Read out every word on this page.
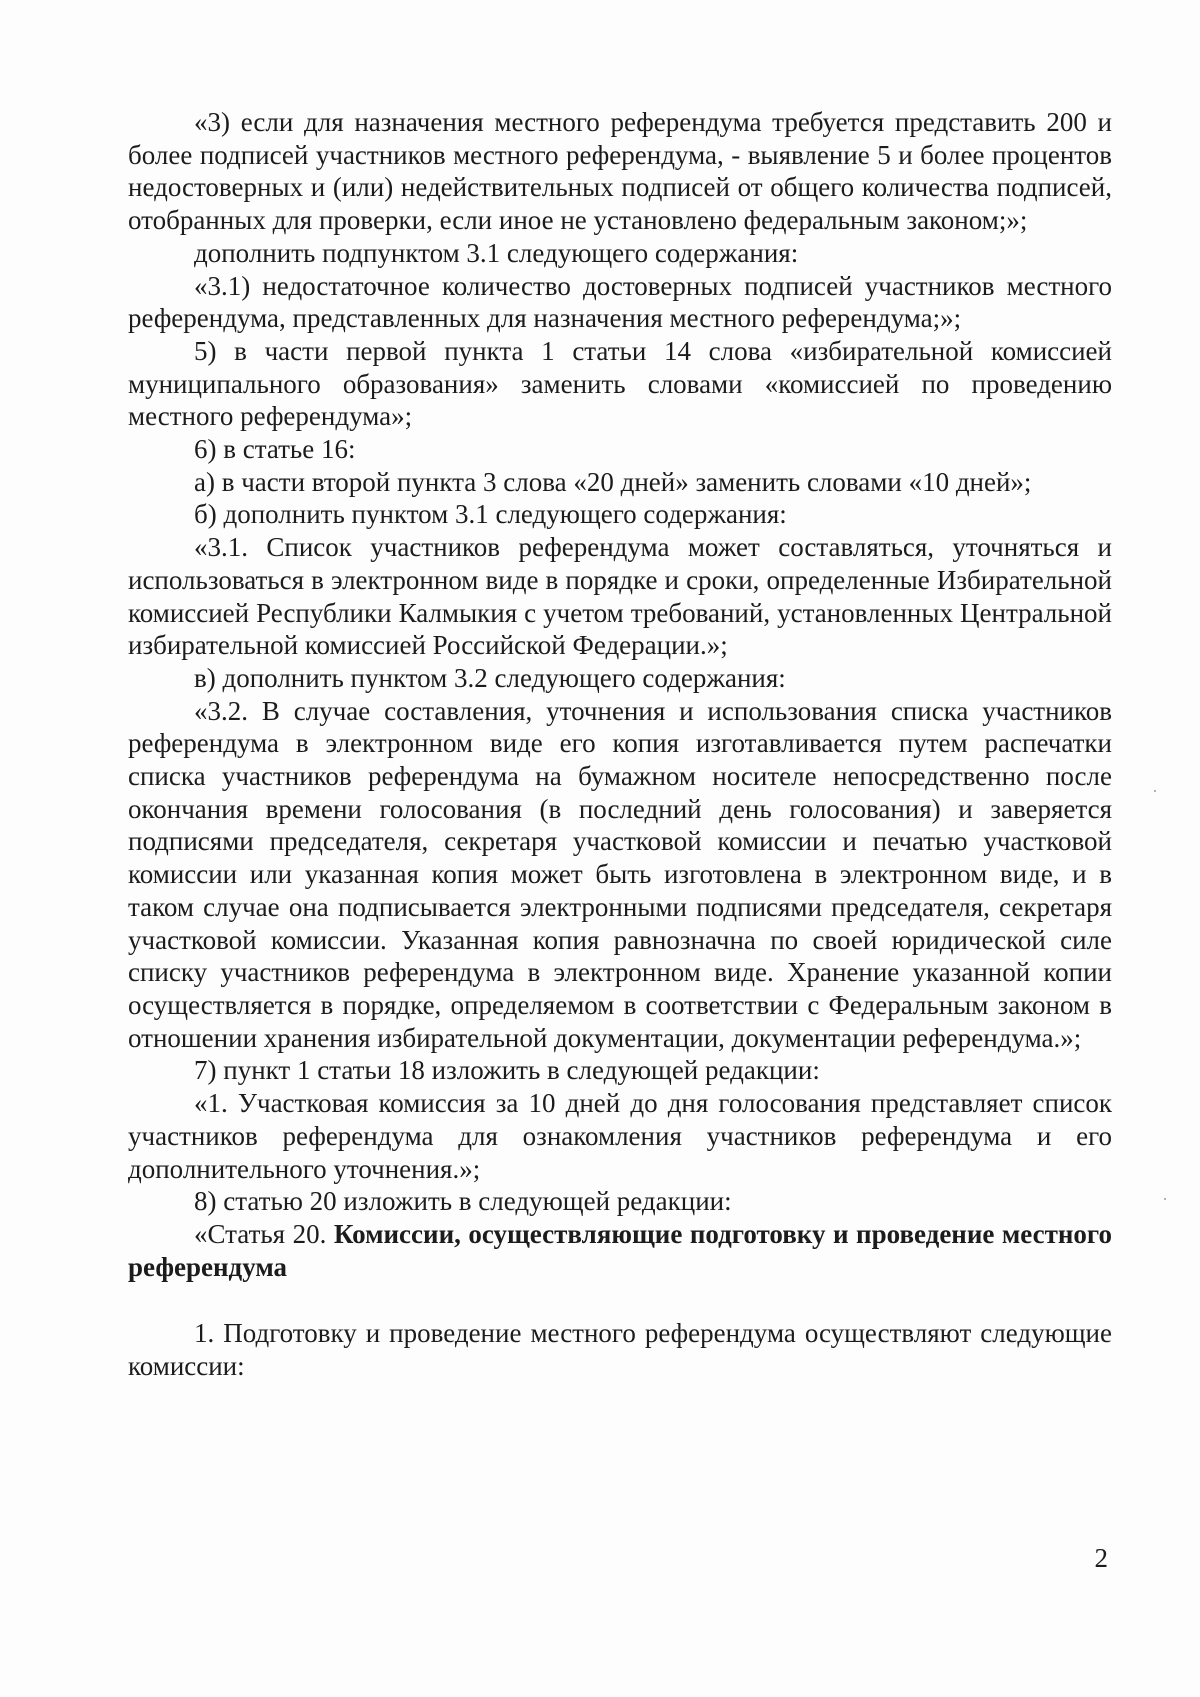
«3) если для назначения местного референдума требуется представить 200 и более подписей участников местного референдума, - выявление 5 и более процентов недостоверных и (или) недействительных подписей от общего количества подписей, отобранных для проверки, если иное не установлено федеральным законом;»;

дополнить подпунктом 3.1 следующего содержания:

«3.1) недостаточное количество достоверных подписей участников местного референдума, представленных для назначения местного референдума;»;

5) в части первой пункта 1 статьи 14 слова «избирательной комиссией муниципального образования» заменить словами «комиссией по проведению местного референдума»;

6) в статье 16:

а) в части второй пункта 3 слова «20 дней» заменить словами «10 дней»;

б) дополнить пунктом 3.1 следующего содержания:

«3.1. Список участников референдума может составляться, уточняться и использоваться в электронном виде в порядке и сроки, определенные Избирательной комиссией Республики Калмыкия с учетом требований, установленных Центральной избирательной комиссией Российской Федерации.»;

в) дополнить пунктом 3.2 следующего содержания:

«3.2. В случае составления, уточнения и использования списка участников референдума в электронном виде его копия изготавливается путем распечатки списка участников референдума на бумажном носителе непосредственно после окончания времени голосования (в последний день голосования) и заверяется подписями председателя, секретаря участковой комиссии и печатью участковой комиссии или указанная копия может быть изготовлена в электронном виде, и в таком случае она подписывается электронными подписями председателя, секретаря участковой комиссии. Указанная копия равнозначна по своей юридической силе списку участников референдума в электронном виде. Хранение указанной копии осуществляется в порядке, определяемом в соответствии с Федеральным законом в отношении хранения избирательной документации, документации референдума.»;

7) пункт 1 статьи 18 изложить в следующей редакции:

«1. Участковая комиссия за 10 дней до дня голосования представляет список участников референдума для ознакомления участников референдума и его дополнительного уточнения.»;

8) статью 20 изложить в следующей редакции:

«Статья 20. Комиссии, осуществляющие подготовку и проведение местного референдума

1. Подготовку и проведение местного референдума осуществляют следующие комиссии:

2
